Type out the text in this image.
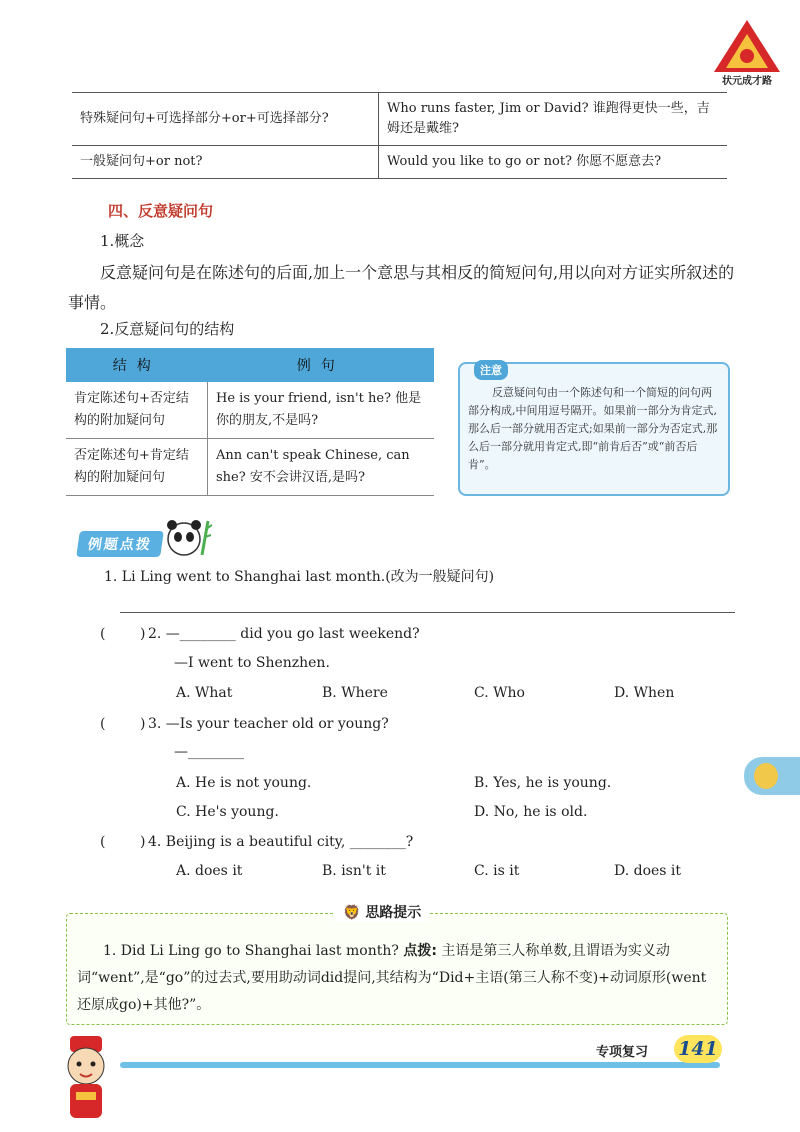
状元成才路
特殊疑问句+可选择部分+or+可选择部分?	Who runs faster, Jim or David? 谁跑得更快一些，吉姆还是戴维?
一般疑问句+or not?	Would you like to go or not? 你愿不愿意去?
四、反意疑问句
1.概念
反意疑问句是在陈述句的后面,加上一个意思与其相反的简短问句,用以向对方证实所叙述的事情。
2.反意疑问句的结构
结构	例句
肯定陈述句+否定结构的附加疑问句	He is your friend, isn't he? 他是你的朋友,不是吗?
否定陈述句+肯定结构的附加疑问句	Ann can't speak Chinese, can she? 安不会讲汉语,是吗?
注意
反意疑问句由一个陈述句和一个简短的问句两部分构成,中间用逗号隔开。如果前一部分为肯定式,那么后一部分就用否定式;如果前一部分为否定式,那么后一部分就用肯定式,即“前肯后否”或“前否后肯”。
例题点拨
1. Li Ling went to Shanghai last month.(改为一般疑问句)
( ) 2. —________ did you go last weekend?
—I went to Shenzhen.
A. What	B. Where	C. Who	D. When
( ) 3. —Is your teacher old or young?
—________
A. He is not young.	B. Yes, he is young.
C. He's young.	D. No, he is old.
( ) 4. Beijing is a beautiful city, ________?
A. does it	B. isn't it	C. is it	D. does it
🦁 思路提示
1. Did Li Ling go to Shanghai last month? 点拨: 主语是第三人称单数,且谓语为实义动词“went”,是“go”的过去式,要用助动词did提问,其结构为“Did+主语(第三人称不变)+动词原形(went还原成go)+其他?”。
专项复习 141
